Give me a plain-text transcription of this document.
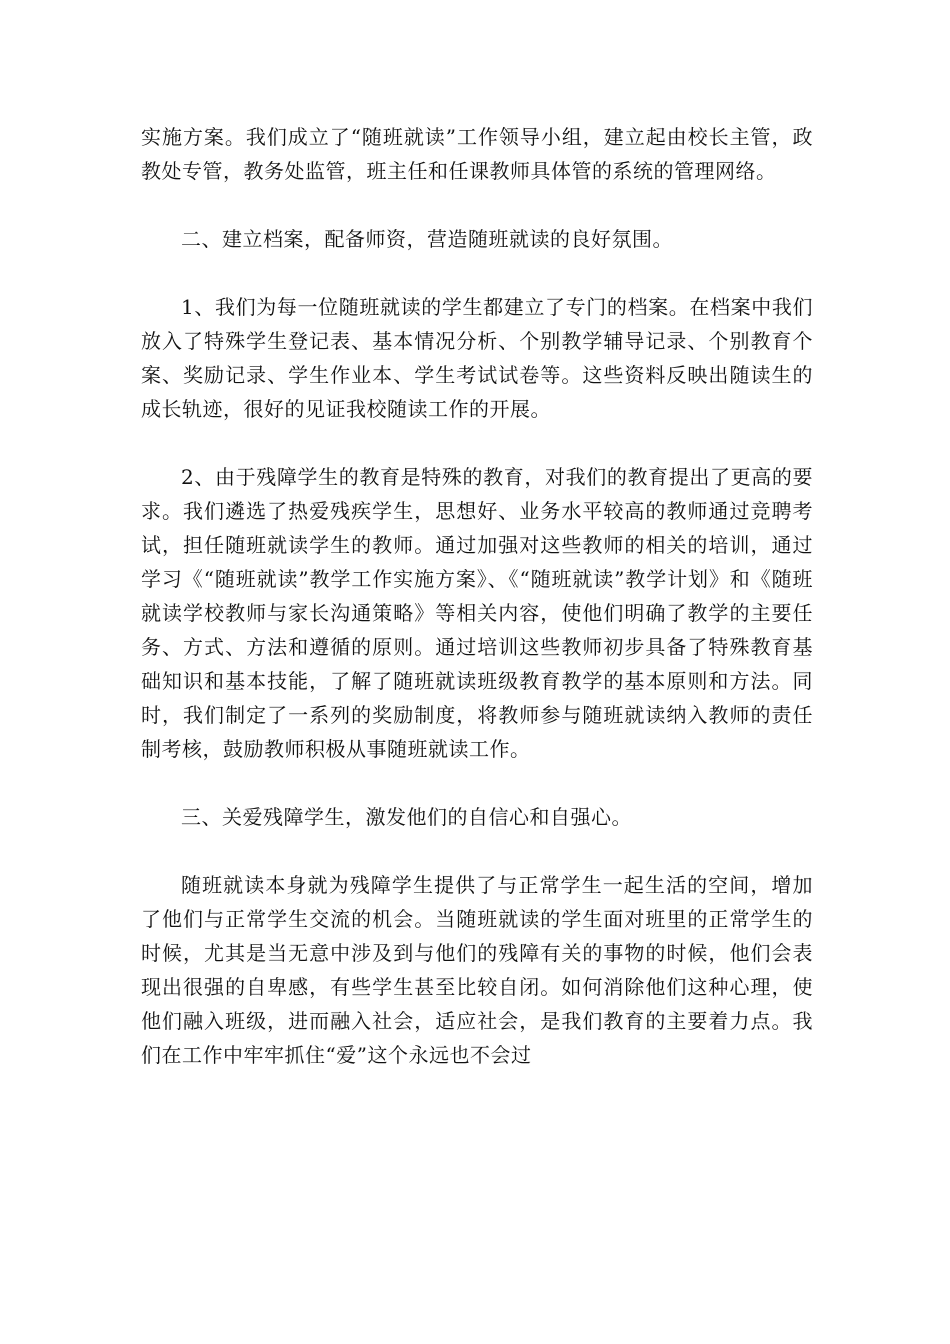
实施方案。我们成立了“随班就读”工作领导小组，建立起由校长主管，政教处专管，教务处监管，班主任和任课教师具体管的系统的管理网络。

二、建立档案，配备师资，营造随班就读的良好氛围。

1、我们为每一位随班就读的学生都建立了专门的档案。在档案中我们放入了特殊学生登记表、基本情况分析、个别教学辅导记录、个别教育个案、奖励记录、学生作业本、学生考试试卷等。这些资料反映出随读生的成长轨迹，很好的见证我校随读工作的开展。

2、由于残障学生的教育是特殊的教育，对我们的教育提出了更高的要求。我们遴选了热爱残疾学生，思想好、业务水平较高的教师通过竞聘考试，担任随班就读学生的教师。通过加强对这些教师的相关的培训，通过学习《“随班就读”教学工作实施方案》、《“随班就读”教学计划》和《随班就读学校教师与家长沟通策略》等相关内容，使他们明确了教学的主要任务、方式、方法和遵循的原则。通过培训这些教师初步具备了特殊教育基础知识和基本技能，了解了随班就读班级教育教学的基本原则和方法。同时，我们制定了一系列的奖励制度，将教师参与随班就读纳入教师的责任制考核，鼓励教师积极从事随班就读工作。

三、关爱残障学生，激发他们的自信心和自强心。

随班就读本身就为残障学生提供了与正常学生一起生活的空间，增加了他们与正常学生交流的机会。当随班就读的学生面对班里的正常学生的时候，尤其是当无意中涉及到与他们的残障有关的事物的时候，他们会表现出很强的自卑感，有些学生甚至比较自闭。如何消除他们这种心理，使他们融入班级，进而融入社会，适应社会，是我们教育的主要着力点。我们在工作中牢牢抓住“爱”这个永远也不会过
